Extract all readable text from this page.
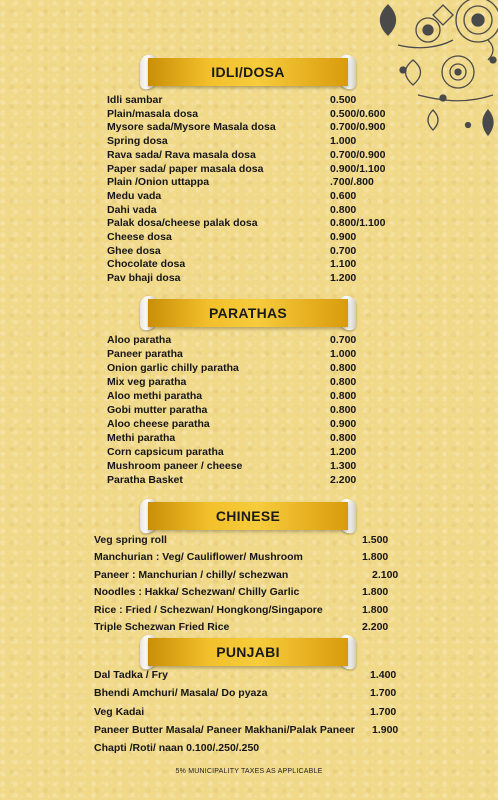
IDLI/DOSA
Idli sambar	0.500
Plain/masala dosa	0.500/0.600
Mysore sada/Mysore Masala dosa	0.700/0.900
Spring dosa	1.000
Rava sada/ Rava masala dosa	0.700/0.900
Paper sada/ paper masala dosa	0.900/1.100
Plain /Onion uttappa	.700/.800
Medu vada	0.600
Dahi vada	0.800
Palak dosa/cheese palak dosa	0.800/1.100
Cheese dosa	0.900
Ghee dosa	0.700
Chocolate dosa	1.100
Pav bhaji dosa	1.200
PARATHAS
Aloo paratha	0.700
Paneer paratha	1.000
Onion garlic chilly paratha	0.800
Mix veg paratha	0.800
Aloo methi paratha	0.800
Gobi mutter paratha	0.800
Aloo cheese paratha	0.900
Methi paratha	0.800
Corn capsicum paratha	1.200
Mushroom paneer / cheese	1.300
Paratha Basket	2.200
CHINESE
Veg spring roll	1.500
Manchurian : Veg/ Cauliflower/ Mushroom	1.800
Paneer : Manchurian / chilly/ schezwan	2.100
Noodles : Hakka/ Schezwan/ Chilly Garlic	1.800
Rice : Fried / Schezwan/ Hongkong/Singapore	1.800
Triple Schezwan Fried Rice	2.200
PUNJABI
Dal Tadka / Fry	1.400
Bhendi Amchuri/ Masala/ Do pyaza	1.700
Veg Kadai	1.700
Paneer Butter Masala/ Paneer Makhani/Palak Paneer 1.900
Chapti /Roti/ naan 0.100/.250/.250
5% MUNICIPALITY TAXES AS APPLICABLE
